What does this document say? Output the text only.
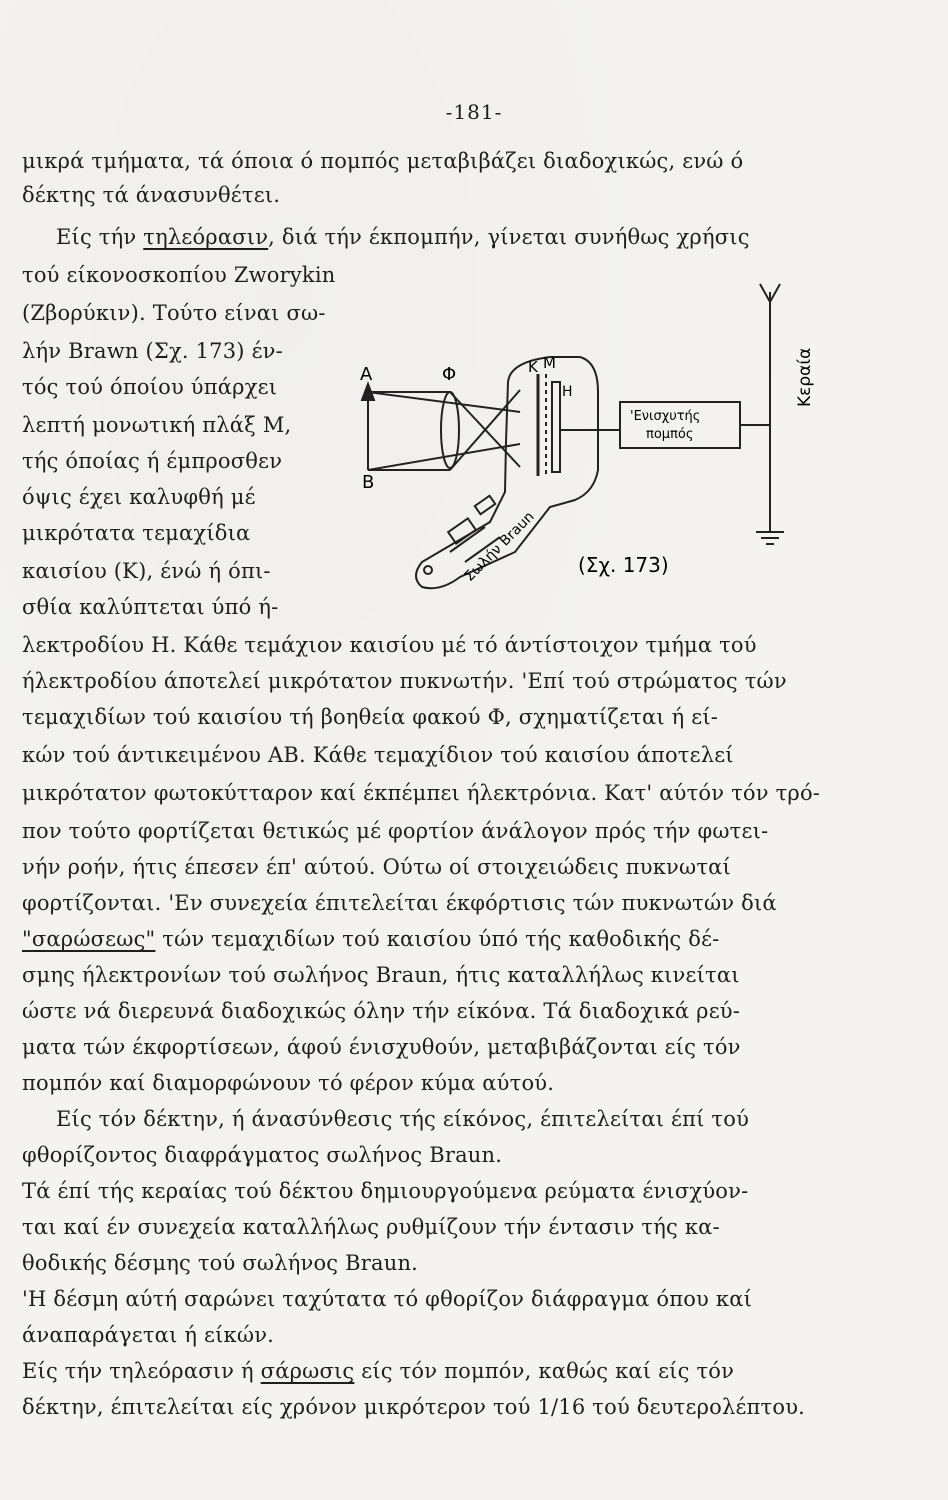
-181-
μικρά τμήματα, τά όποια ό πομπός μεταβιβάζει διαδοχικώς, ενώ ό
δέκτης τά άνασυνθέτει.
Είς τήν τηλεόρασιν, διά τήν έκπομπήν, γίνεται συνήθως χρήσις
τού είκονοσκοπίου Zworykin
(Ζβορύκιν). Τούτο είναι σω-
λήν Brawn (Σχ. 173) έν-
τός τού όποίου ύπάρχει
λεπτή μονωτική πλάξ Μ,
τής όποίας ή έμπροσθεν
όψις έχει καλυφθή μέ
μικρότατα τεμαχίδια
καισίου (Κ), ένώ ή όπι-
σθία καλύπτεται ύπό ή-
Α
Β
Φ	Κ Μ
Η
'Ενισχυτής
πομπός
Κεραία
Σωλήν Braun (Σχ. 173)
λεκτροδίου Η. Κάθε τεμάχιον καισίου μέ τό άντίστοιχον τμήμα τού
ήλεκτροδίου άποτελεί μικρότατον πυκνωτήν. 'Επί τού στρώματος τών
τεμαχιδίων τού καισίου τή βοηθεία φακού Φ, σχηματίζεται ή εί-
κών τού άντικειμένου ΑΒ. Κάθε τεμαχίδιον τού καισίου άποτελεί
μικρότατον φωτοκύτταρον καί έκπέμπει ήλεκτρόνια. Κατ' αύτόν τόν τρό-
πον τούτο φορτίζεται θετικώς μέ φορτίον άνάλογον πρός τήν φωτει-
νήν ροήν, ήτις έπεσεν έπ' αύτού. Ούτω οί στοιχειώδεις πυκνωταί
φορτίζονται. 'Εν συνεχεία έπιτελείται έκφόρτισις τών πυκνωτών διά
"σαρώσεως" τών τεμαχιδίων τού καισίου ύπό τής καθοδικής δέ-
σμης ήλεκτρονίων τού σωλήνος Braun, ήτις καταλλήλως κινείται
ώστε νά διερευνά διαδοχικώς όλην τήν είκόνα. Τά διαδοχικά ρεύ-
ματα τών έκφορτίσεων, άφού ένισχυθούν, μεταβιβάζονται είς τόν
πομπόν καί διαμορφώνουν τό φέρον κύμα αύτού.
Είς τόν δέκτην, ή άνασύνθεσις τής είκόνος, έπιτελείται έπί τού
φθορίζοντος διαφράγματος σωλήνος Braun.
Τά έπί τής κεραίας τού δέκτου δημιουργούμενα ρεύματα ένισχύον-
ται καί έν συνεχεία καταλλήλως ρυθμίζουν τήν έντασιν τής κα-
θοδικής δέσμης τού σωλήνος Braun.
'Η δέσμη αύτή σαρώνει ταχύτατα τό φθορίζον διάφραγμα όπου καί
άναπαράγεται ή είκών.
Είς τήν τηλεόρασιν ή σάρωσις είς τόν πομπόν, καθώς καί είς τόν
δέκτην, έπιτελείται είς χρόνον μικρότερον τού 1/16 τού δευτερολέπτου.
